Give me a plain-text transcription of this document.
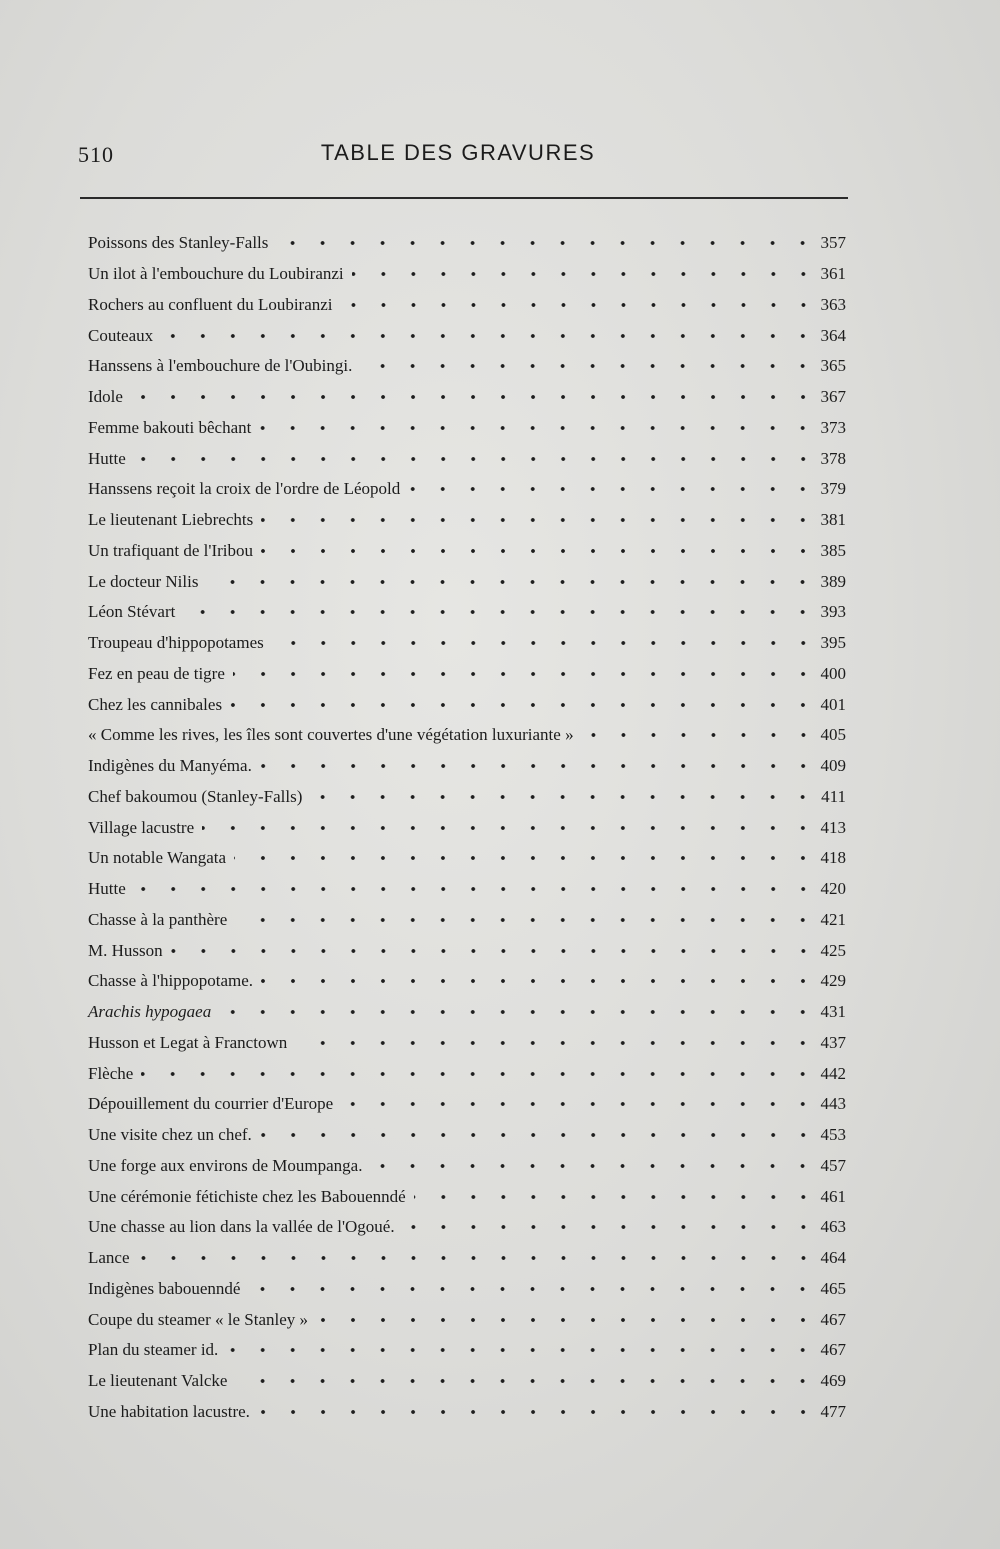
510	TABLE DES GRAVURES
Poissons des Stanley-Falls	357
Un ilot à l'embouchure du Loubiranzi	361
Rochers au confluent du Loubiranzi	363
Couteaux	364
Hanssens à l'embouchure de l'Oubingi.	365
Idole	367
Femme bakouti bêchant	373
Hutte	378
Hanssens reçoit la croix de l'ordre de Léopold	379
Le lieutenant Liebrechts	381
Un trafiquant de l'Iribou	385
Le docteur Nilis	389
Léon Stévart	393
Troupeau d'hippopotames	395
Fez en peau de tigre	400
Chez les cannibales	401
« Comme les rives, les îles sont couvertes d'une végétation luxuriante »	405
Indigènes du Manyéma.	409
Chef bakoumou (Stanley-Falls)	411
Village lacustre	413
Un notable Wangata	418
Hutte	420
Chasse à la panthère	421
M. Husson	425
Chasse à l'hippopotame.	429
Arachis hypogaea	431
Husson et Legat à Franctown	437
Flèche	442
Dépouillement du courrier d'Europe	443
Une visite chez un chef.	453
Une forge aux environs de Moumpanga.	457
Une cérémonie fétichiste chez les Babouenndé	461
Une chasse au lion dans la vallée de l'Ogoué.	463
Lance	464
Indigènes babouenndé	465
Coupe du steamer « le Stanley »	467
Plan du steamer id.	467
Le lieutenant Valcke	469
Une habitation lacustre.	477
